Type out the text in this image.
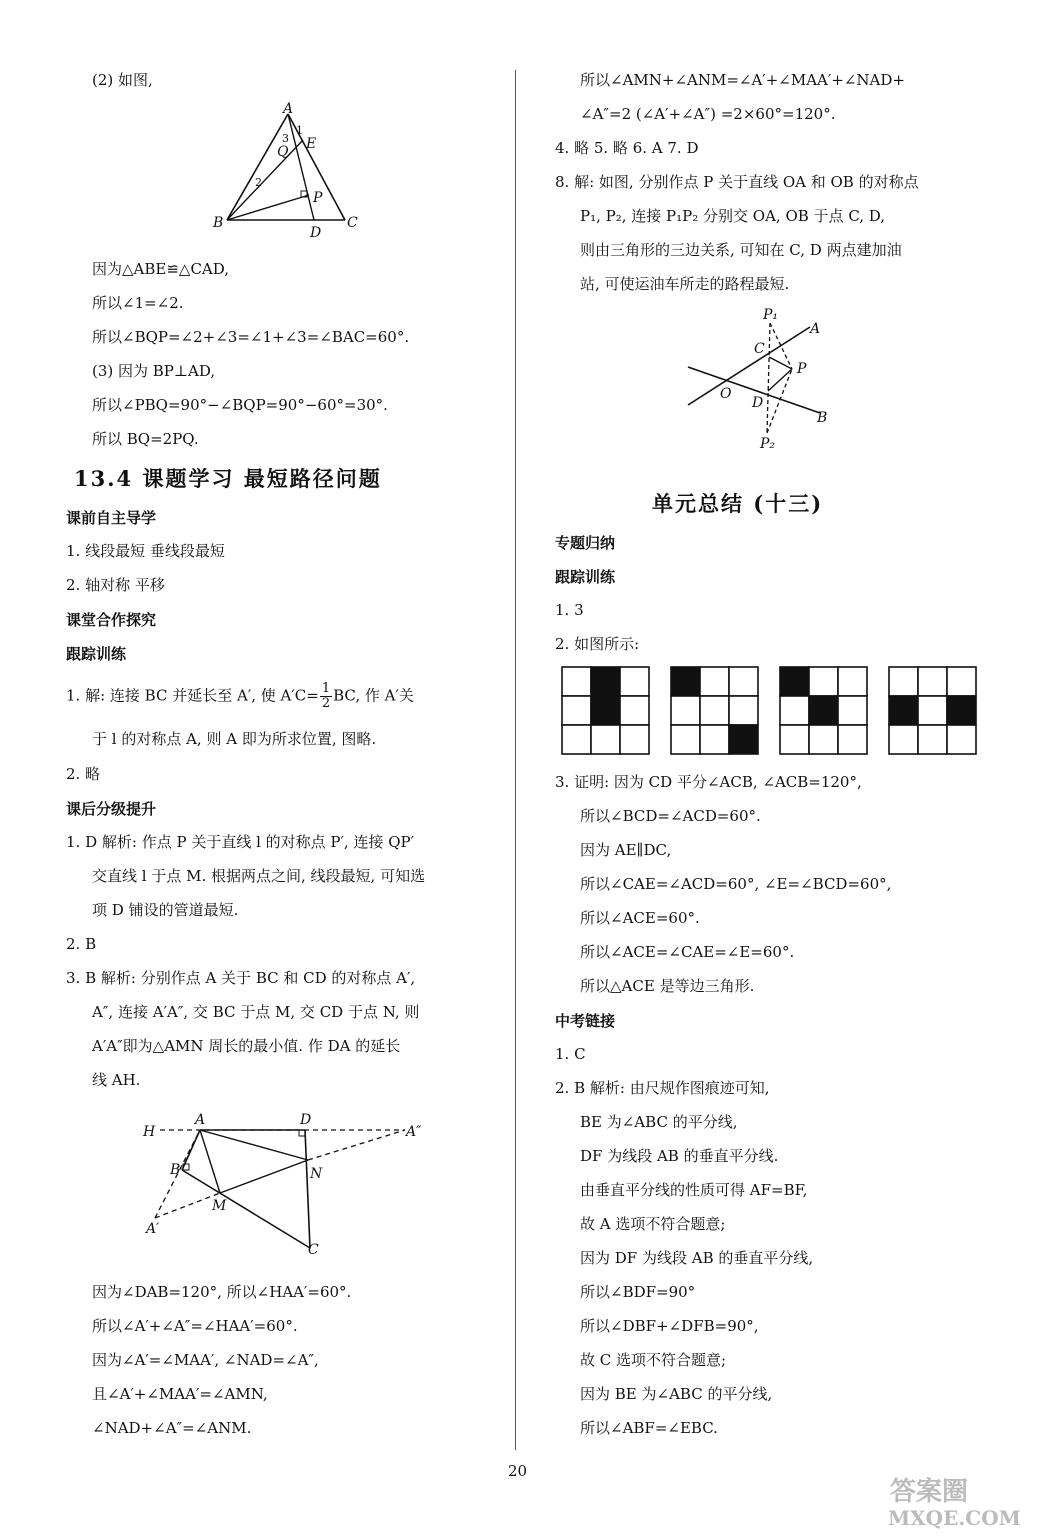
(2) 如图,
A
E
Q
B
P
D
C
1
2
3
因为△ABE≌△CAD,
所以∠1=∠2.
所以∠BQP=∠2+∠3=∠1+∠3=∠BAC=60°.
(3) 因为 BP⊥AD,
所以∠PBQ=90°−∠BQP=90°−60°=30°.
所以 BQ=2PQ.
13.4 课题学习 最短路径问题
课前自主导学
1. 线段最短 垂线段最短
2. 轴对称 平移
课堂合作探究
跟踪训练
1. 解: 连接 BC 并延长至 A′, 使 $A'C= \frac{1}{2}$ BC, 作 A′关
于 l 的对称点 A, 则 A 即为所求位置, 图略.
2. 略
课后分级提升
1. D 解析: 作点 P 关于直线 l 的对称点 P′, 连接 QP′
交直线 l 于点 M. 根据两点之间, 线段最短, 可知选
项 D 铺设的管道最短.
2. B
3. B 解析: 分别作点 A 关于 BC 和 CD 的对称点 A′,
A″, 连接 A′A″, 交 BC 于点 M, 交 CD 于点 N, 则
A′A″即为△AMN 周长的最小值. 作 DA 的延长
线 AH.
H
A	D
A″
B	N
M
A′
C
因为∠DAB=120°, 所以∠HAA′=60°.
所以∠A′+∠A″=∠HAA′=60°.
因为∠A′=∠MAA′, ∠NAD=∠A″,
且∠A′+∠MAA′=∠AMN,
∠NAD+∠A″=∠ANM.
所以∠AMN+∠ANM=∠A′+∠MAA′+∠NAD+
∠A″=2 (∠A′+∠A″) =2×60°=120°.
4. 略 5. 略 6. A 7. D
8. 解: 如图, 分别作点 P 关于直线 OA 和 OB 的对称点
P₁, P₂, 连接 P₁P₂ 分别交 OA, OB 于点 C, D,
则由三角形的三边关系, 可知在 C, D 两点建加油
站, 可使运油车所走的路程最短.
P₁
A
C
P
O
D
B
P₂
单元总结 (十三)
专题归纳
跟踪训练
1. 3
2. 如图所示:
3. 证明: 因为 CD 平分∠ACB, ∠ACB=120°,
所以∠BCD=∠ACD=60°.
因为 AE∥DC,
所以∠CAE=∠ACD=60°, ∠E=∠BCD=60°,
所以∠ACE=60°.
所以∠ACE=∠CAE=∠E=60°.
所以△ACE 是等边三角形.
中考链接
1. C
2. B 解析: 由尺规作图痕迹可知,
BE 为∠ABC 的平分线,
DF 为线段 AB 的垂直平分线.
由垂直平分线的性质可得 AF=BF,
故 A 选项不符合题意;
因为 DF 为线段 AB 的垂直平分线,
所以∠BDF=90°
所以∠DBF+∠DFB=90°,
故 C 选项不符合题意;
因为 BE 为∠ABC 的平分线,
所以∠ABF=∠EBC.
20
答案圈
MXQE.COM
